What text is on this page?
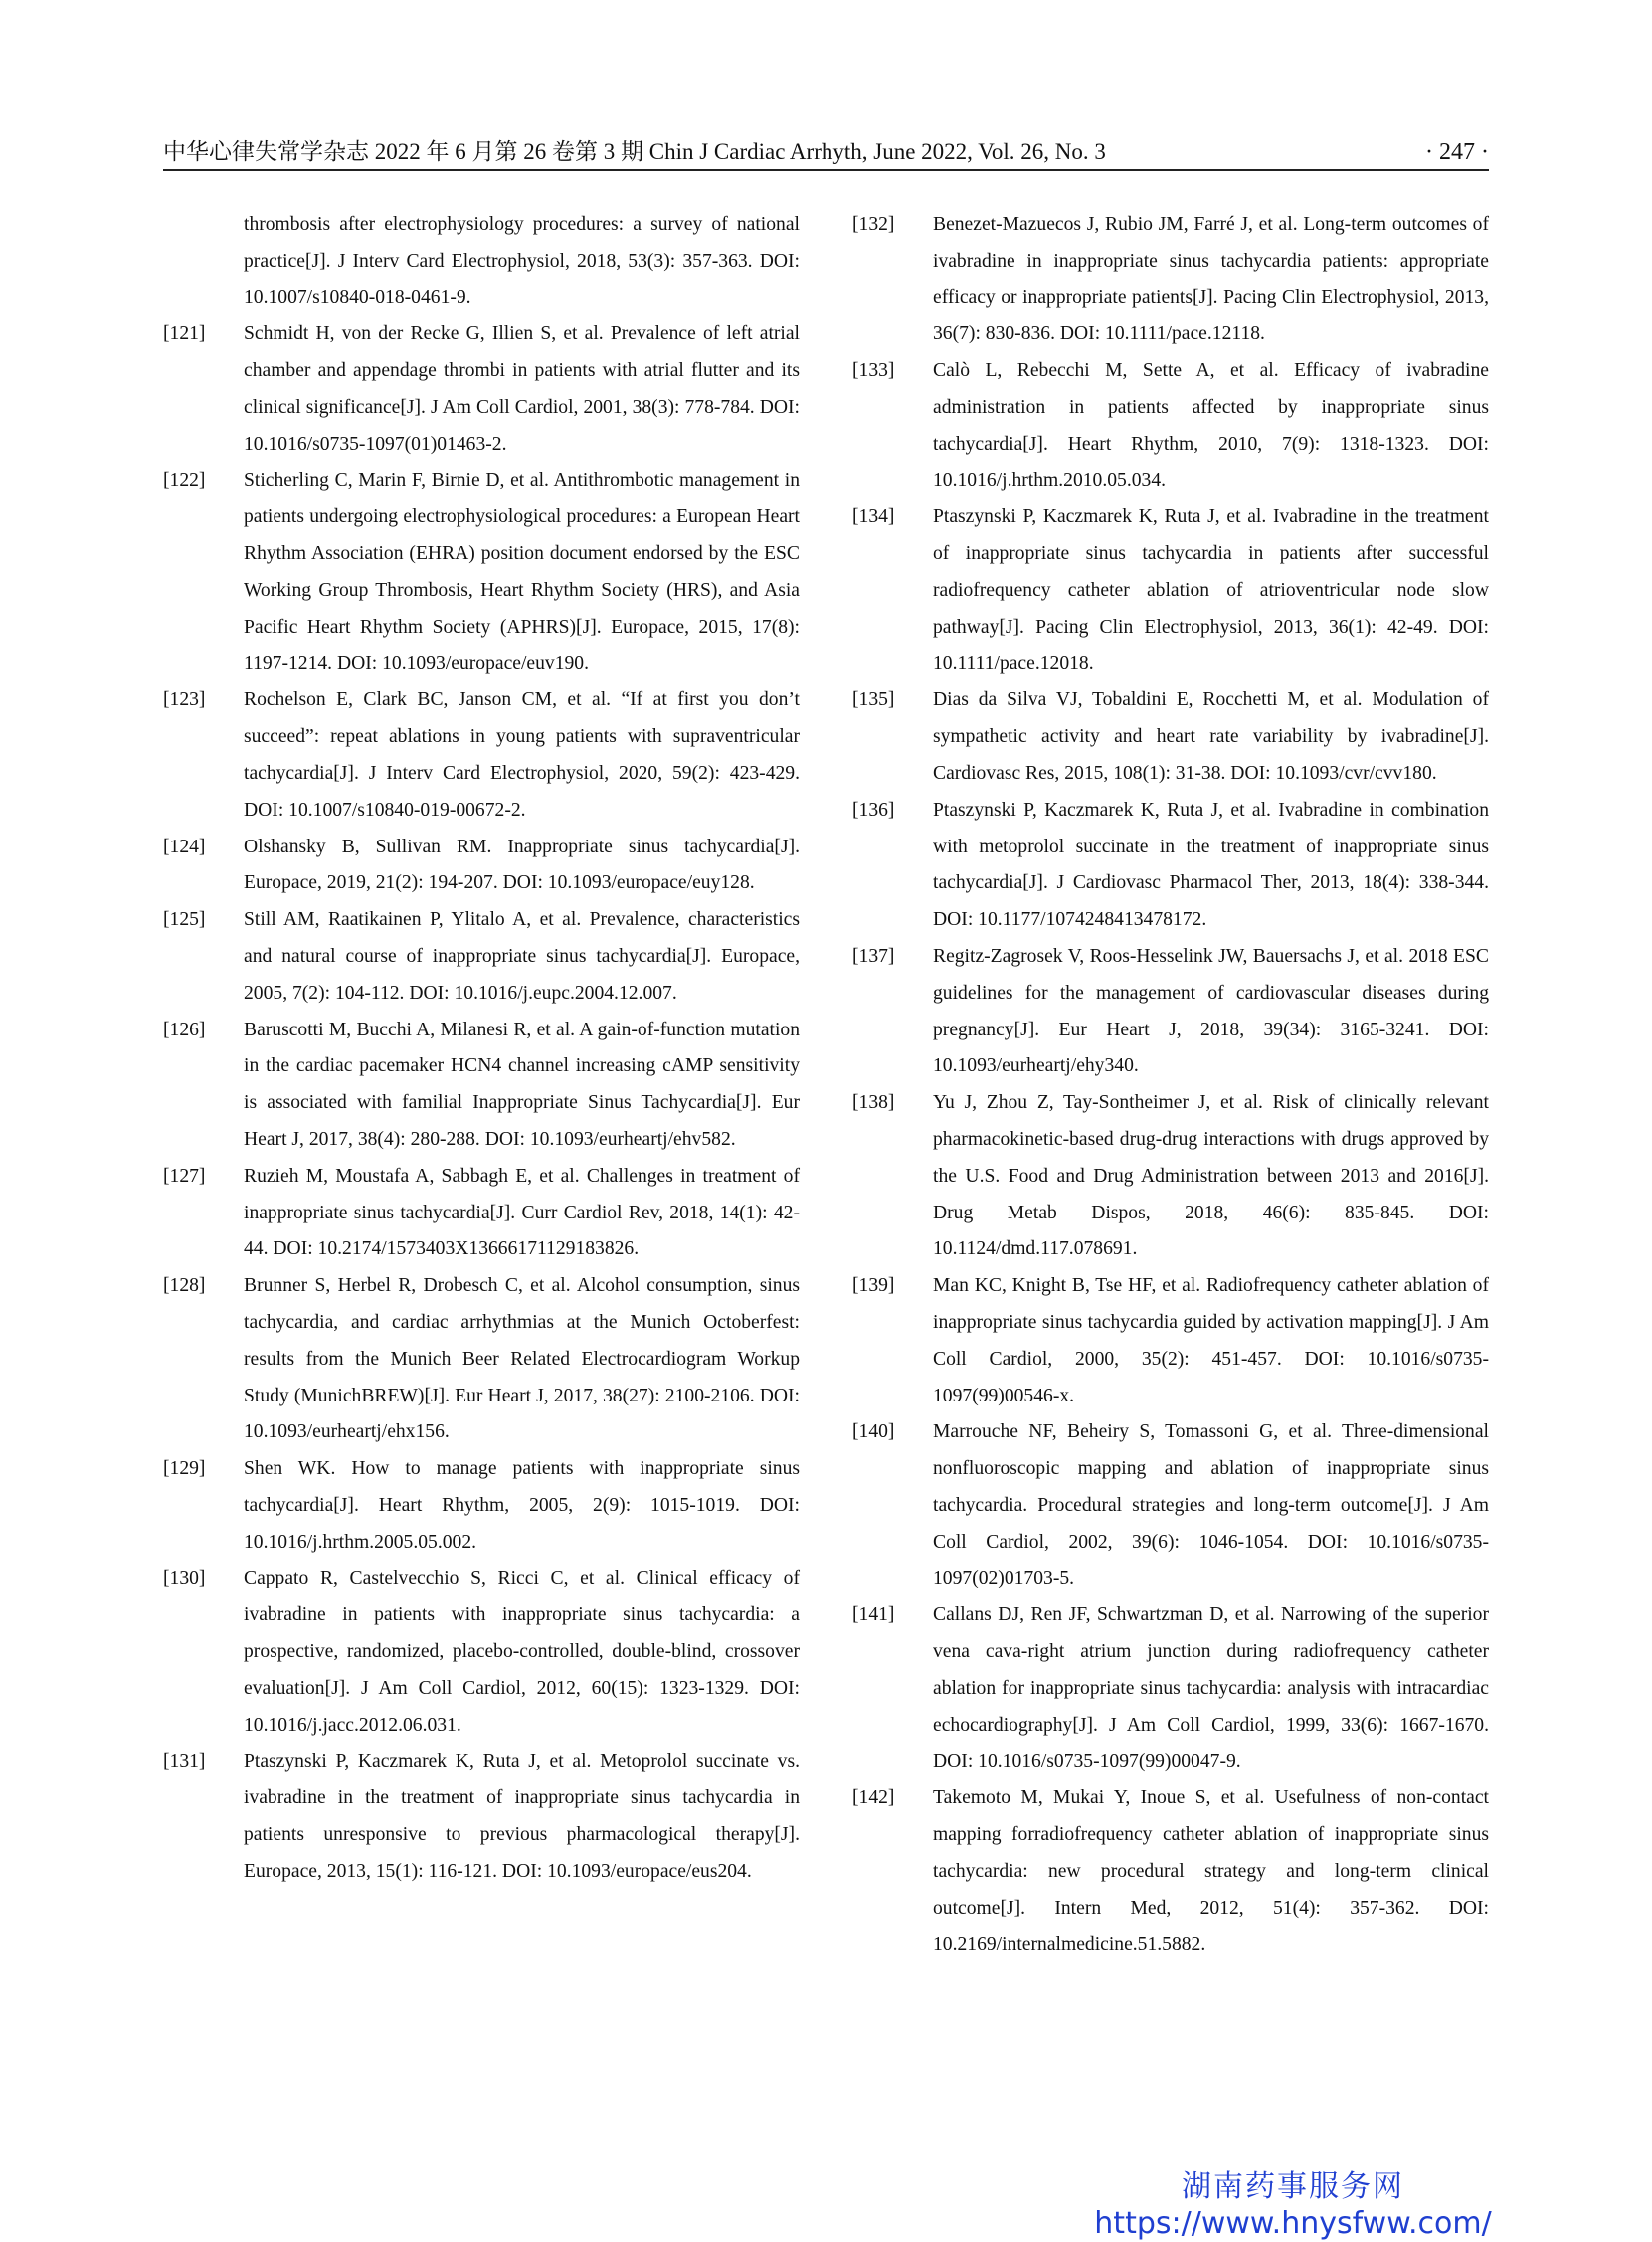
中华心律失常学杂志 2022 年 6 月第 26 卷第 3 期 Chin J Cardiac Arrhyth, June 2022, Vol. 26, No. 3	· 247 ·
thrombosis after electrophysiology procedures: a survey of national practice[J]. J Interv Card Electrophysiol, 2018, 53(3): 357-363. DOI: 10.1007/s10840-018-0461-9.
[121] Schmidt H, von der Recke G, Illien S, et al. Prevalence of left atrial chamber and appendage thrombi in patients with atrial flutter and its clinical significance[J]. J Am Coll Cardiol, 2001, 38(3): 778-784. DOI: 10.1016/s0735-1097(01)01463-2.
[122] Sticherling C, Marin F, Birnie D, et al. Antithrombotic management in patients undergoing electrophysiological procedures: a European Heart Rhythm Association (EHRA) position document endorsed by the ESC Working Group Thrombosis, Heart Rhythm Society (HRS), and Asia Pacific Heart Rhythm Society (APHRS)[J]. Europace, 2015, 17(8): 1197-1214. DOI: 10.1093/europace/euv190.
[123] Rochelson E, Clark BC, Janson CM, et al. “If at first you don’t succeed”: repeat ablations in young patients with supraventricular tachycardia[J]. J Interv Card Electrophysiol, 2020, 59(2): 423-429. DOI: 10.1007/s10840-019-00672-2.
[124] Olshansky B, Sullivan RM. Inappropriate sinus tachycardia[J]. Europace, 2019, 21(2): 194-207. DOI: 10.1093/europace/euy128.
[125] Still AM, Raatikainen P, Ylitalo A, et al. Prevalence, characteristics and natural course of inappropriate sinus tachycardia[J]. Europace, 2005, 7(2): 104-112. DOI: 10.1016/j.eupc.2004.12.007.
[126] Baruscotti M, Bucchi A, Milanesi R, et al. A gain-of-function mutation in the cardiac pacemaker HCN4 channel increasing cAMP sensitivity is associated with familial Inappropriate Sinus Tachycardia[J]. Eur Heart J, 2017, 38(4): 280-288. DOI: 10.1093/eurheartj/ehv582.
[127] Ruzieh M, Moustafa A, Sabbagh E, et al. Challenges in treatment of inappropriate sinus tachycardia[J]. Curr Cardiol Rev, 2018, 14(1): 42-44. DOI: 10.2174/1573403X13666171129183826.
[128] Brunner S, Herbel R, Drobesch C, et al. Alcohol consumption, sinus tachycardia, and cardiac arrhythmias at the Munich Octoberfest: results from the Munich Beer Related Electrocardiogram Workup Study (MunichBREW)[J]. Eur Heart J, 2017, 38(27): 2100-2106. DOI: 10.1093/eurheartj/ehx156.
[129] Shen WK. How to manage patients with inappropriate sinus tachycardia[J]. Heart Rhythm, 2005, 2(9): 1015-1019. DOI: 10.1016/j.hrthm.2005.05.002.
[130] Cappato R, Castelvecchio S, Ricci C, et al. Clinical efficacy of ivabradine in patients with inappropriate sinus tachycardia: a prospective, randomized, placebo-controlled, double-blind, crossover evaluation[J]. J Am Coll Cardiol, 2012, 60(15): 1323-1329. DOI: 10.1016/j.jacc.2012.06.031.
[131] Ptaszynski P, Kaczmarek K, Ruta J, et al. Metoprolol succinate vs. ivabradine in the treatment of inappropriate sinus tachycardia in patients unresponsive to previous pharmacological therapy[J]. Europace, 2013, 15(1): 116-121. DOI: 10.1093/europace/eus204.
[132] Benezet-Mazuecos J, Rubio JM, Farré J, et al. Long-term outcomes of ivabradine in inappropriate sinus tachycardia patients: appropriate efficacy or inappropriate patients[J]. Pacing Clin Electrophysiol, 2013, 36(7): 830-836. DOI: 10.1111/pace.12118.
[133] Calò L, Rebecchi M, Sette A, et al. Efficacy of ivabradine administration in patients affected by inappropriate sinus tachycardia[J]. Heart Rhythm, 2010, 7(9): 1318-1323. DOI: 10.1016/j.hrthm.2010.05.034.
[134] Ptaszynski P, Kaczmarek K, Ruta J, et al. Ivabradine in the treatment of inappropriate sinus tachycardia in patients after successful radiofrequency catheter ablation of atrioventricular node slow pathway[J]. Pacing Clin Electrophysiol, 2013, 36(1): 42-49. DOI: 10.1111/pace.12018.
[135] Dias da Silva VJ, Tobaldini E, Rocchetti M, et al. Modulation of sympathetic activity and heart rate variability by ivabradine[J]. Cardiovasc Res, 2015, 108(1): 31-38. DOI: 10.1093/cvr/cvv180.
[136] Ptaszynski P, Kaczmarek K, Ruta J, et al. Ivabradine in combination with metoprolol succinate in the treatment of inappropriate sinus tachycardia[J]. J Cardiovasc Pharmacol Ther, 2013, 18(4): 338-344. DOI: 10.1177/1074248413478172.
[137] Regitz-Zagrosek V, Roos-Hesselink JW, Bauersachs J, et al. 2018 ESC guidelines for the management of cardiovascular diseases during pregnancy[J]. Eur Heart J, 2018, 39(34): 3165-3241. DOI: 10.1093/eurheartj/ehy340.
[138] Yu J, Zhou Z, Tay-Sontheimer J, et al. Risk of clinically relevant pharmacokinetic-based drug-drug interactions with drugs approved by the U.S. Food and Drug Administration between 2013 and 2016[J]. Drug Metab Dispos, 2018, 46(6): 835-845. DOI: 10.1124/dmd.117.078691.
[139] Man KC, Knight B, Tse HF, et al. Radiofrequency catheter ablation of inappropriate sinus tachycardia guided by activation mapping[J]. J Am Coll Cardiol, 2000, 35(2): 451-457. DOI: 10.1016/s0735-1097(99)00546-x.
[140] Marrouche NF, Beheiry S, Tomassoni G, et al. Three-dimensional nonfluoroscopic mapping and ablation of inappropriate sinus tachycardia. Procedural strategies and long-term outcome[J]. J Am Coll Cardiol, 2002, 39(6): 1046-1054. DOI: 10.1016/s0735-1097(02)01703-5.
[141] Callans DJ, Ren JF, Schwartzman D, et al. Narrowing of the superior vena cava-right atrium junction during radiofrequency catheter ablation for inappropriate sinus tachycardia: analysis with intracardiac echocardiography[J]. J Am Coll Cardiol, 1999, 33(6): 1667-1670. DOI: 10.1016/s0735-1097(99)00047-9.
[142] Takemoto M, Mukai Y, Inoue S, et al. Usefulness of non-contact mapping forradiofrequency catheter ablation of inappropriate sinus tachycardia: new procedural strategy and long-term clinical outcome[J]. Intern Med, 2012, 51(4): 357-362. DOI: 10.2169/internalmedicine.51.5882.
湖南药事服务网
https://www.hnysfww.com/
